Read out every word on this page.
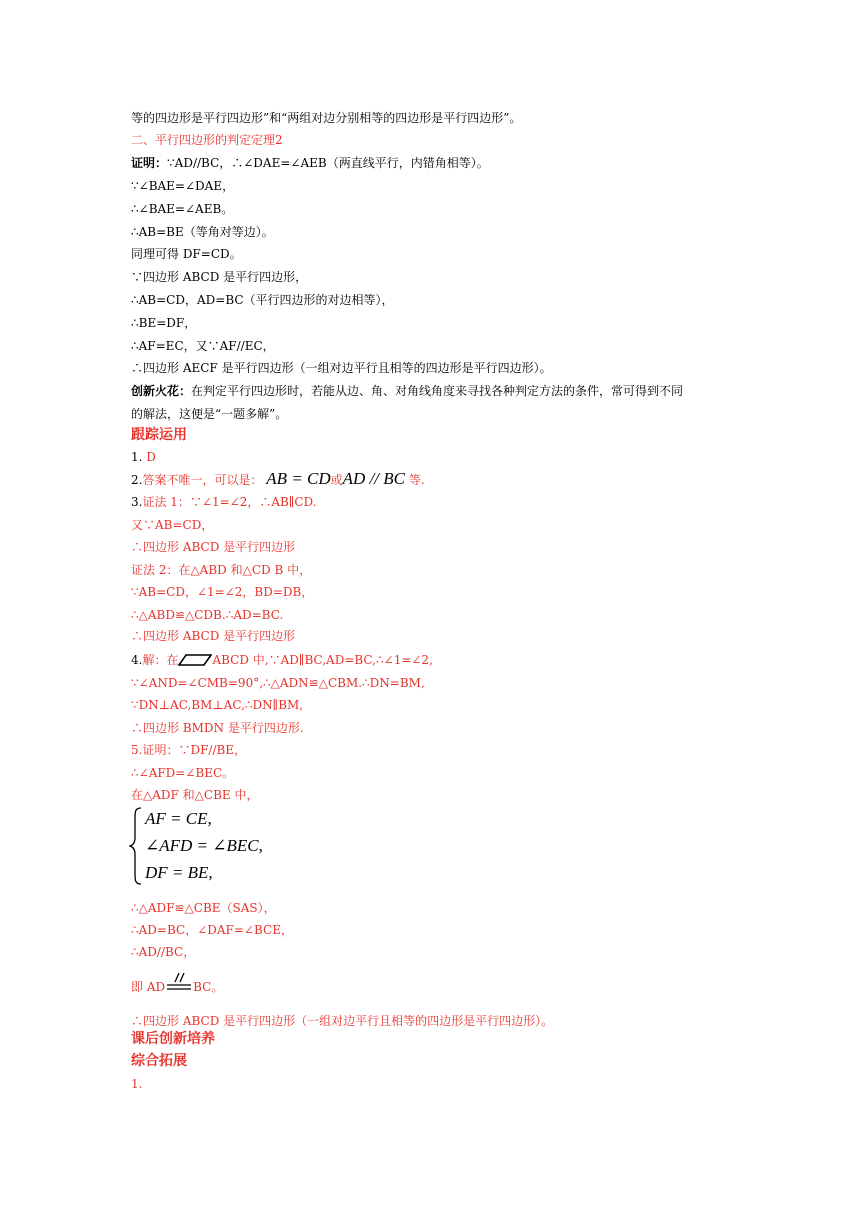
等的四边形是平行四边形”和“两组对边分别相等的四边形是平行四边形”。
二、平行四边形的判定定理2
证明：∵AD//BC，∴∠DAE=∠AEB（两直线平行，内错角相等）。
∵∠BAE=∠DAE，
∴∠BAE=∠AEB。
∴AB=BE（等角对等边）。
同理可得 DF=CD。
∵四边形 ABCD 是平行四边形，
∴AB=CD，AD=BC（平行四边形的对边相等），
∴BE=DF，
∴AF=EC，又∵AF//EC，
∴四边形 AECF 是平行四边形（一组对边平行且相等的四边形是平行四边形）。
创新火花：在判定平行四边形时，若能从边、角、对角线角度来寻找各种判定方法的条件，常可得到不同
的解法，这便是“一题多解”。
跟踪运用
1. D
2.答案不唯一，可以是： AB = CD或AD // BC 等.
3.证法 1：∵∠1=∠2，∴AB∥CD.
又∵AB=CD，
∴四边形 ABCD 是平行四边形
证法 2：在△ABD 和△CD B 中，
∵AB=CD，∠1=∠2，BD=DB，
∴△ABD≌△CDB.∴AD=BC.
∴四边形 ABCD 是平行四边形
4.解：在	ABCD 中,∵AD∥BC,AD=BC,∴∠1=∠2,
∵∠AND=∠CMB=90°,∴△ADN≌△CBM.∴DN=BM,
∵DN⊥AC,BM⊥AC,∴DN∥BM,
∴四边形 BMDN 是平行四边形.
5.证明：∵DF//BE，
∴∠AFD=∠BEC。
在△ADF 和△CBE 中，
AF = CE,
∠AFD = ∠BEC,
DF = BE,
∴△ADF≌△CBE（SAS），
∴AD=BC，∠DAF=∠BCE，
∴AD//BC，
即 AD BC。
∴四边形 ABCD 是平行四边形（一组对边平行且相等的四边形是平行四边形）。
课后创新培养
综合拓展
1.
